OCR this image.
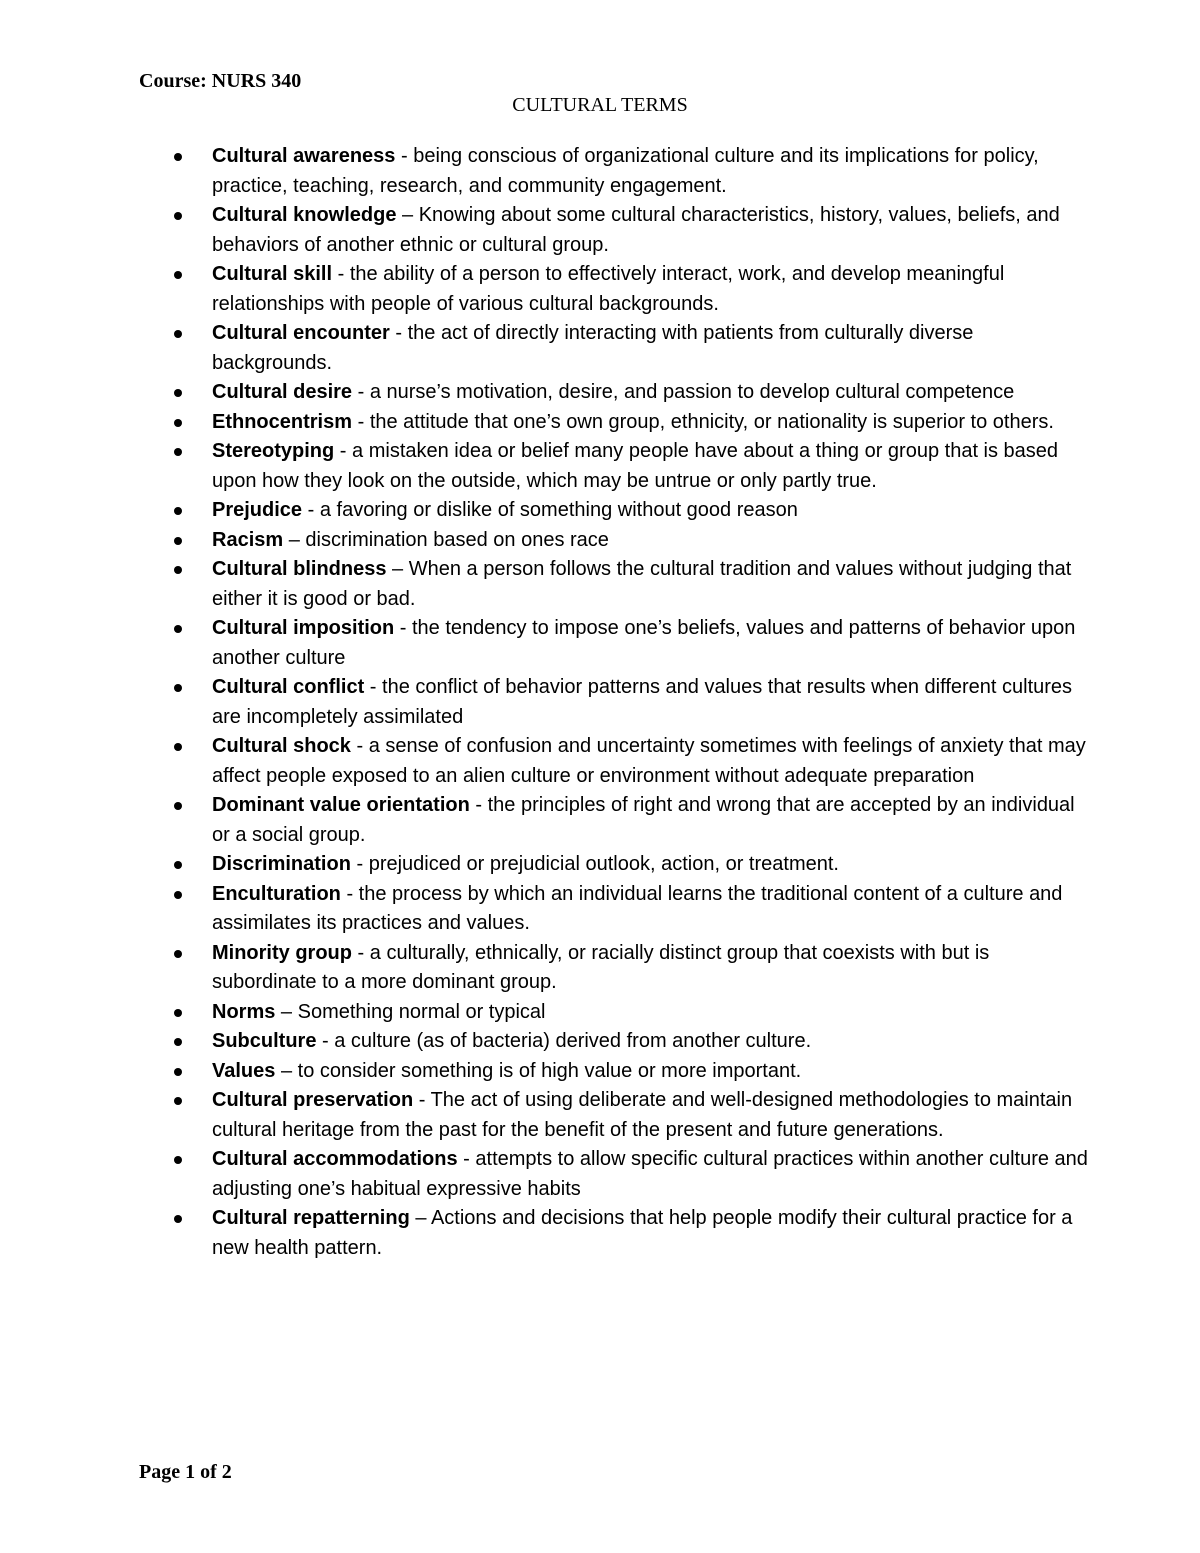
Course: NURS 340
CULTURAL TERMS
Cultural awareness - being conscious of organizational culture and its implications for policy, practice, teaching, research, and community engagement.
Cultural knowledge – Knowing about some cultural characteristics, history, values, beliefs, and behaviors of another ethnic or cultural group.
Cultural skill - the ability of a person to effectively interact, work, and develop meaningful relationships with people of various cultural backgrounds.
Cultural encounter - the act of directly interacting with patients from culturally diverse backgrounds.
Cultural desire - a nurse’s motivation, desire, and passion to develop cultural competence
Ethnocentrism - the attitude that one’s own group, ethnicity, or nationality is superior to others.
Stereotyping - a mistaken idea or belief many people have about a thing or group that is based upon how they look on the outside, which may be untrue or only partly true.
Prejudice - a favoring or dislike of something without good reason
Racism – discrimination based on ones race
Cultural blindness – When a person follows the cultural tradition and values without judging that either it is good or bad.
Cultural imposition - the tendency to impose one’s beliefs, values and patterns of behavior upon another culture
Cultural conflict - the conflict of behavior patterns and values that results when different cultures are incompletely assimilated
Cultural shock - a sense of confusion and uncertainty sometimes with feelings of anxiety that may affect people exposed to an alien culture or environment without adequate preparation
Dominant value orientation - the principles of right and wrong that are accepted by an individual or a social group.
Discrimination - prejudiced or prejudicial outlook, action, or treatment.
Enculturation - the process by which an individual learns the traditional content of a culture and assimilates its practices and values.
Minority group - a culturally, ethnically, or racially distinct group that coexists with but is subordinate to a more dominant group.
Norms – Something normal or typical
Subculture - a culture (as of bacteria) derived from another culture.
Values – to consider something is of high value or more important.
Cultural preservation - The act of using deliberate and well-designed methodologies to maintain cultural heritage from the past for the benefit of the present and future generations.
Cultural accommodations - attempts to allow specific cultural practices within another culture and adjusting one’s habitual expressive habits
Cultural repatterning – Actions and decisions that help people modify their cultural practice for a new health pattern.
Page 1 of 2
